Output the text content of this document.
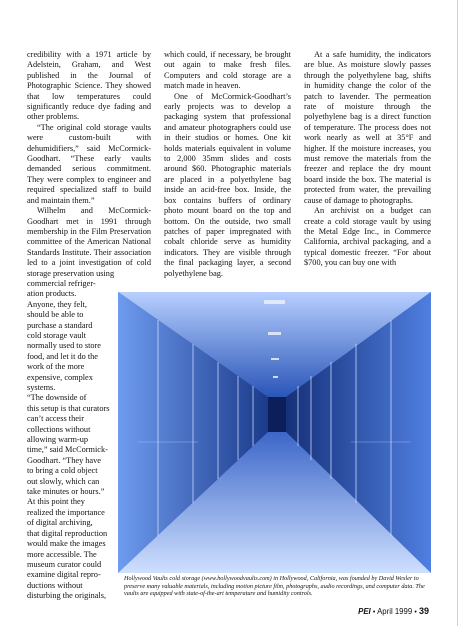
credibility with a 1971 article by Adelstein, Graham, and West published in the Journal of Photographic Science. They showed that low temperatures could significantly reduce dye fading and other problems.

“The original cold storage vaults were custom-built with dehumidifiers,” said McCormick-Goodhart. “These early vaults demanded serious commitment. They were complex to engineer and required specialized staff to build and maintain them.”

Wilhelm and McCormick-Goodhart met in 1991 through membership in the Film Preservation committee of the American National Standards Institute. Their association led to a joint investigation of cold storage preservation using

commercial refriger-
ation products.
Anyone, they felt,
should be able to
purchase a standard
cold storage vault
normally used to store
food, and let it do the
work of the more
expensive, complex
systems.
“The downside of
this setup is that curators
can’t access their
collections without
allowing warm-up
time,” said McCormick-
Goodhart. “They have
to bring a cold object
out slowly, which can
take minutes or hours.”
At this point they
realized the importance
of digital archiving,
that digital reproduction
would make the images
more accessible. The
museum curator could
examine digital repro-
ductions without
disturbing the originals,

which could, if necessary, be brought out again to make fresh files. Computers and cold storage are a match made in heaven.

One of McCormick-Goodhart’s early projects was to develop a packaging system that professional and amateur photographers could use in their studios or homes. One kit holds materials equivalent in volume to 2,000 35mm slides and costs around $60. Photographic materials are placed in a polyethylene bag inside an acid-free box. Inside, the box contains buffers of ordinary photo mount board on the top and bottom. On the outside, two small patches of paper impregnated with cobalt chloride serve as humidity indicators. They are visible through the final packaging layer, a second polyethylene bag.

At a safe humidity, the indicators are blue. As moisture slowly passes through the polyethylene bag, shifts in humidity change the color of the patch to lavender. The permeation rate of moisture through the polyethylene bag is a direct function of temperature. The process does not work nearly as well at 35°F and higher. If the moisture increases, you must remove the materials from the freezer and replace the dry mount board inside the box. The material is protected from water, the prevailing cause of damage to photographs.

An archivist on a budget can create a cold storage vault by using the Metal Edge Inc., in Commerce California, archival packaging, and a typical domestic freezer. “For about $700, you can buy one with

Hollywood Vaults cold storage (www.hollywoodvaults.com) in Hollywood, California, was founded by David Wexler to preserve many valuable materials, including motion picture film, photographs, audio recordings, and computer data. The vaults are equipped with state-of-the-art temperature and humidity controls.
PEI • April 1999 • 39
